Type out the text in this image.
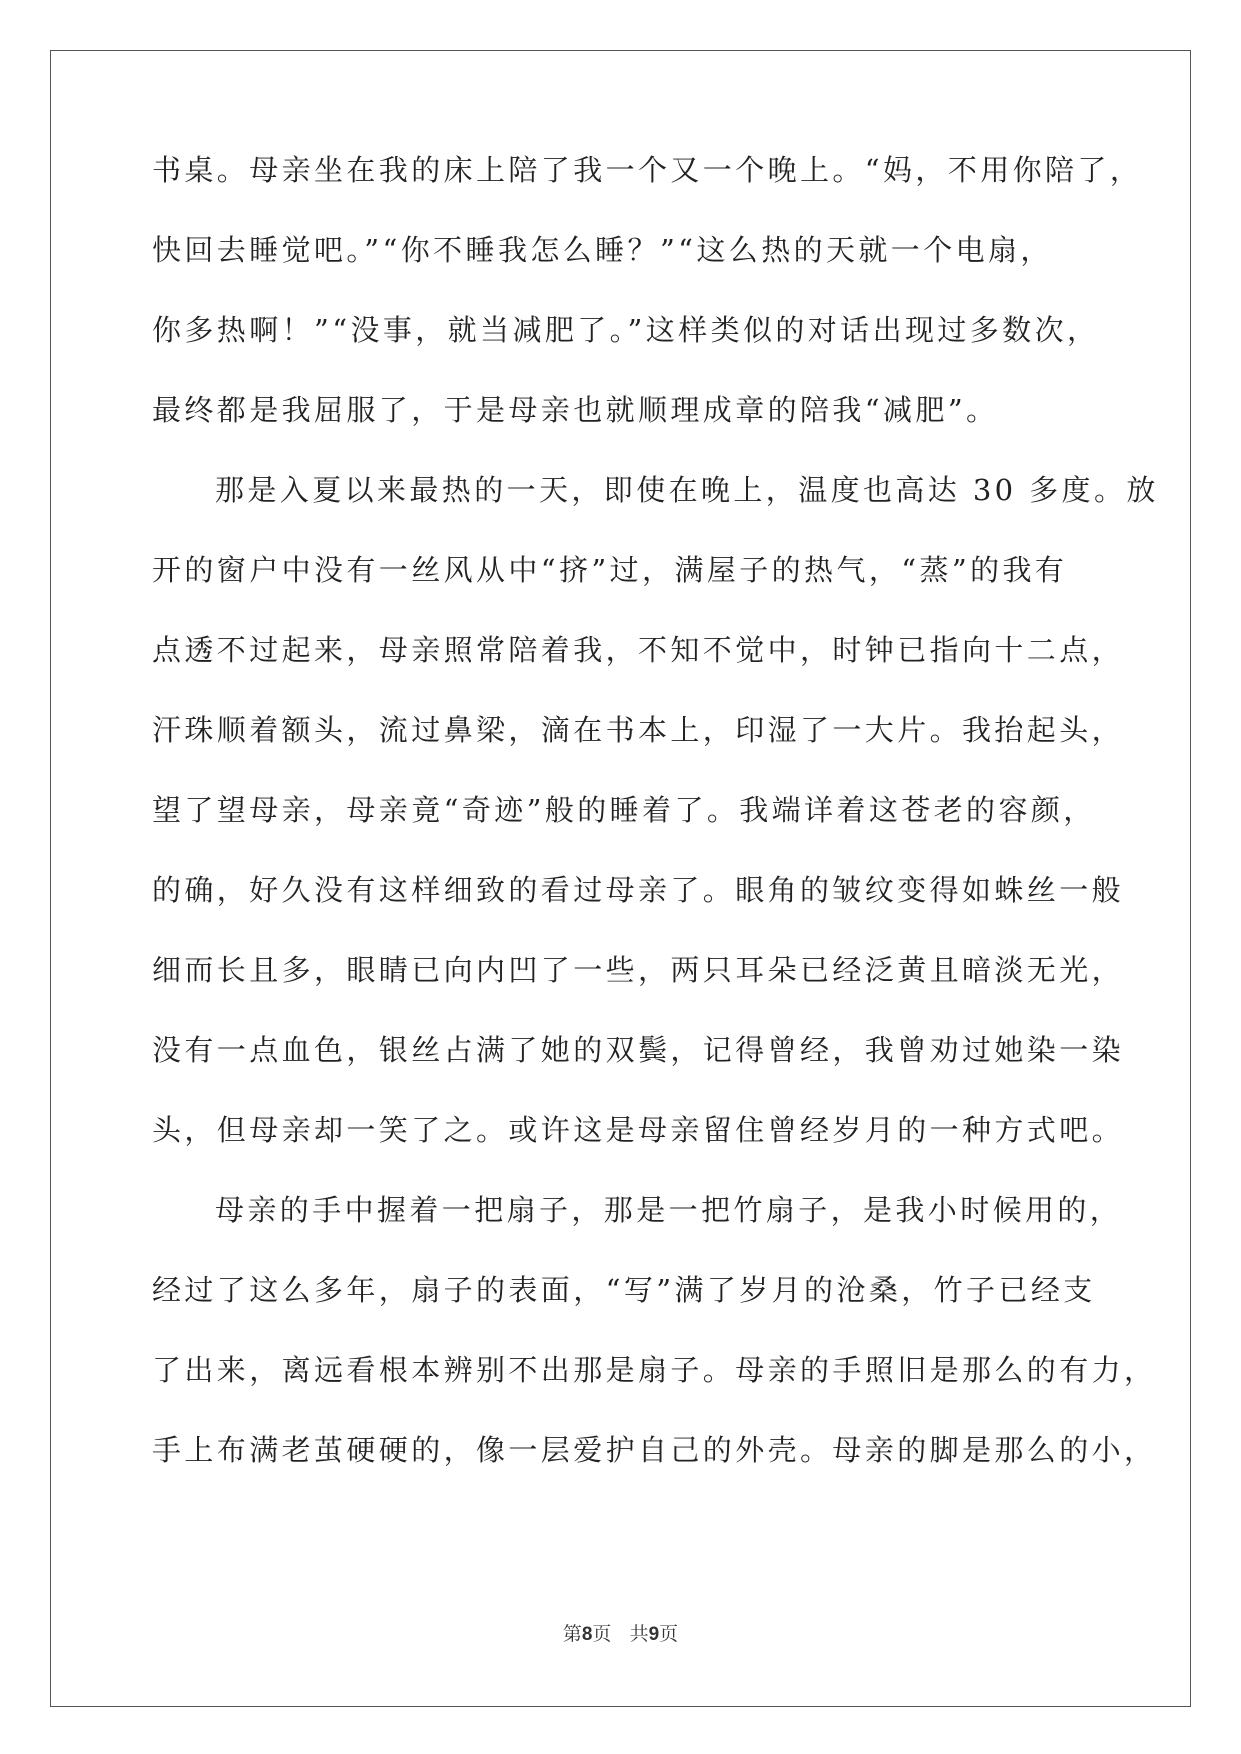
书桌。母亲坐在我的床上陪了我一个又一个晚上。“妈，不用你陪了，
快回去睡觉吧。”“你不睡我怎么睡？”“这么热的天就一个电扇，
你多热啊！”“没事，就当减肥了。”这样类似的对话出现过多数次，
最终都是我屈服了，于是母亲也就顺理成章的陪我“减肥”。
那是入夏以来最热的一天，即使在晚上，温度也高达 30 多度。放
开的窗户中没有一丝风从中“挤”过，满屋子的热气，“蒸”的我有
点透不过起来，母亲照常陪着我，不知不觉中，时钟已指向十二点，
汗珠顺着额头，流过鼻梁，滴在书本上，印湿了一大片。我抬起头，
望了望母亲，母亲竟“奇迹”般的睡着了。我端详着这苍老的容颜，
的确，好久没有这样细致的看过母亲了。眼角的皱纹变得如蛛丝一般
细而长且多，眼睛已向内凹了一些，两只耳朵已经泛黄且暗淡无光，
没有一点血色，银丝占满了她的双鬓，记得曾经，我曾劝过她染一染
头，但母亲却一笑了之。或许这是母亲留住曾经岁月的一种方式吧。
母亲的手中握着一把扇子，那是一把竹扇子，是我小时候用的，
经过了这么多年，扇子的表面，“写”满了岁月的沧桑，竹子已经支
了出来，离远看根本辨别不出那是扇子。母亲的手照旧是那么的有力，
手上布满老茧硬硬的，像一层爱护自己的外壳。母亲的脚是那么的小，
第8页 共9页
